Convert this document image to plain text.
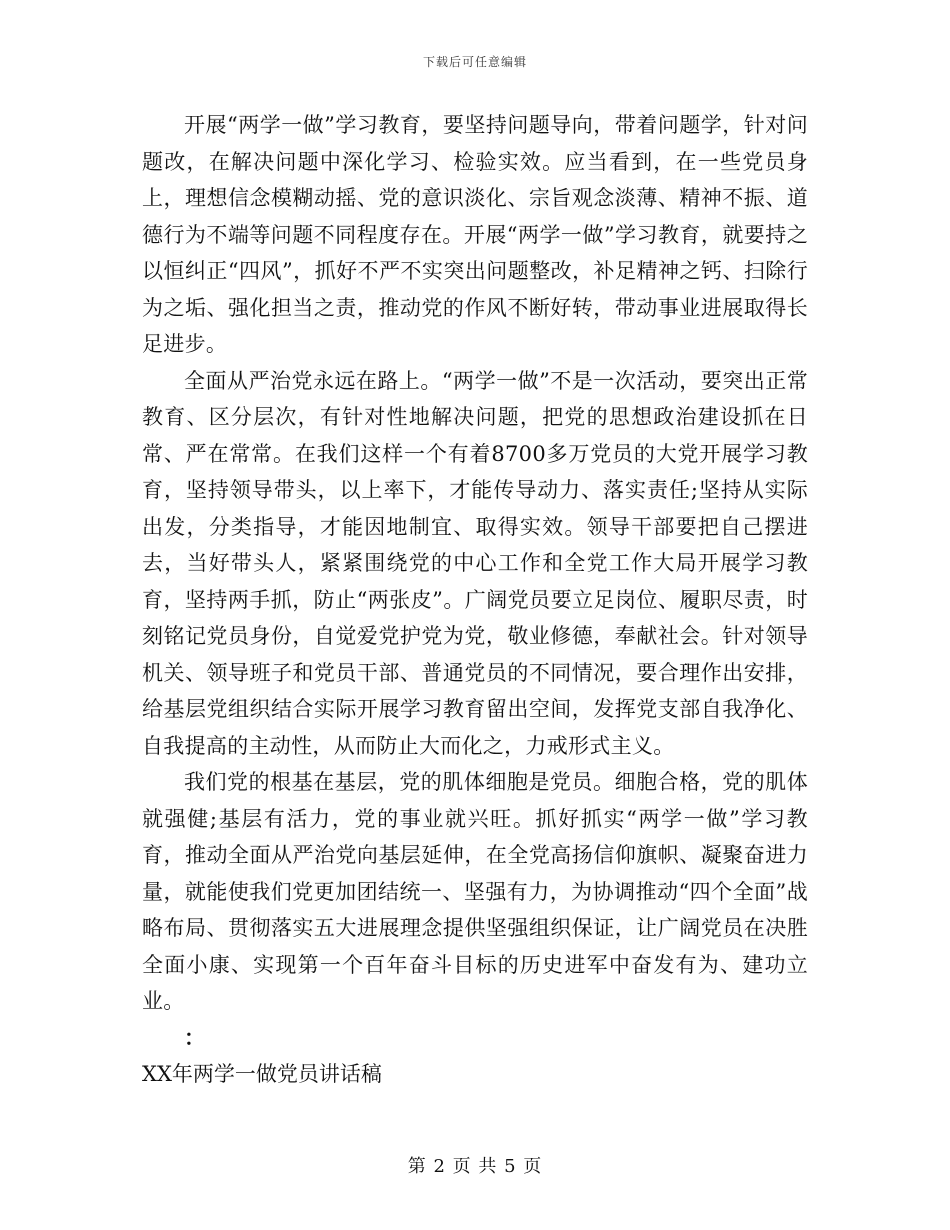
下载后可任意编辑

开展“两学一做”学习教育，要坚持问题导向，带着问题学，针对问题改，在解决问题中深化学习、检验实效。应当看到，在一些党员身上，理想信念模糊动摇、党的意识淡化、宗旨观念淡薄、精神不振、道德行为不端等问题不同程度存在。开展“两学一做”学习教育，就要持之以恒纠正“四风”，抓好不严不实突出问题整改，补足精神之钙、扫除行为之垢、强化担当之责，推动党的作风不断好转，带动事业进展取得长足进步。

全面从严治党永远在路上。“两学一做”不是一次活动，要突出正常教育、区分层次，有针对性地解决问题，把党的思想政治建设抓在日常、严在常常。在我们这样一个有着8700多万党员的大党开展学习教育，坚持领导带头，以上率下，才能传导动力、落实责任;坚持从实际出发，分类指导，才能因地制宜、取得实效。领导干部要把自己摆进去，当好带头人，紧紧围绕党的中心工作和全党工作大局开展学习教育，坚持两手抓，防止“两张皮”。广阔党员要立足岗位、履职尽责，时刻铭记党员身份，自觉爱党护党为党，敬业修德，奉献社会。针对领导机关、领导班子和党员干部、普通党员的不同情况，要合理作出安排，给基层党组织结合实际开展学习教育留出空间，发挥党支部自我净化、自我提高的主动性，从而防止大而化之，力戒形式主义。

我们党的根基在基层，党的肌体细胞是党员。细胞合格，党的肌体就强健;基层有活力，党的事业就兴旺。抓好抓实“两学一做”学习教育，推动全面从严治党向基层延伸，在全党高扬信仰旗帜、凝聚奋进力量，就能使我们党更加团结统一、坚强有力，为协调推动“四个全面”战略布局、贯彻落实五大进展理念提供坚强组织保证，让广阔党员在决胜全面小康、实现第一个百年奋斗目标的历史进军中奋发有为、建功立业。

：

XX年两学一做党员讲话稿

第 2 页 共 5 页
